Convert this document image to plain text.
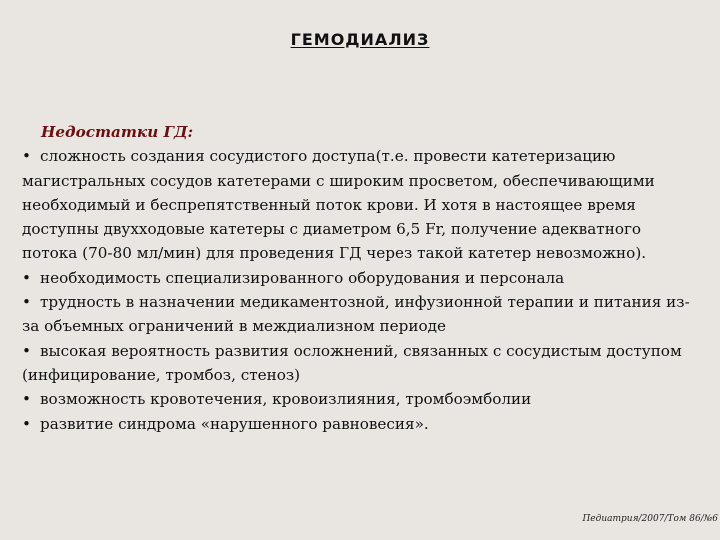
ГЕМОДИАЛИЗ
Недостатки ГД:

• сложность создания сосудистого доступа(т.е. провести катетеризацию магистральных сосудов катетерами с широким просветом, обеспечивающими необходимый и беспрепятственный поток крови. И хотя в настоящее время доступны двухходовые катетеры с диаметром 6,5 Fr, получение адекватного потока (70-80 мл/мин) для проведения ГД через такой катетер невозможно).

• необходимость специализированного оборудования и персонала

• трудность в назначении медикаментозной, инфузионной терапии и питания из-за объемных ограничений в междиализном периоде

• высокая вероятность развития осложнений, связанных с сосудистым доступом (инфицирование, тромбоз, стеноз)

• возможность кровотечения, кровоизлияния, тромбоэмболии

• развитие синдрома «нарушенного равновесия».

Педиатрия/2007/Том 86/№6
